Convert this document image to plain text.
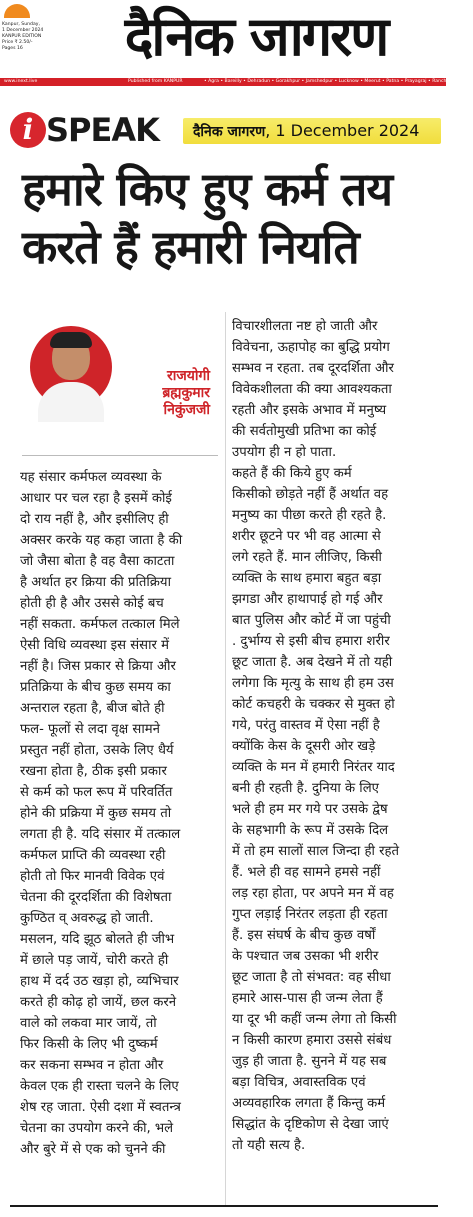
Kanpur, Sunday,
1 December 2024
KANPUR EDITION
Price ₹ 2.50/-
Pages 16	दैनिक जागरण
www.inext.live	Published from KANPUR	• Agra • Bareilly • Dehradun • Gorakhpur • Jamshedpur • Lucknow • Meerut • Patna • Prayagraj • Ranchi • Varanasi
i SPEAK	दैनिक जागरण, 1 December 2024
हमारे किए हुए कर्म तय
करते हैं हमारी नियति
राजयोगी
ब्रह्मकुमार
निकुंजजी
यह संसार कर्मफल व्यवस्था के
आधार पर चल रहा है इसमें कोई
दो राय नहीं है, और इसीलिए ही
अक्सर करके यह कहा जाता है की
जो जैसा बोता है वह वैसा काटता
है अर्थात हर क्रिया की प्रतिक्रिया
होती ही है और उससे कोई बच
नहीं सकता. कर्मफल तत्काल मिले
ऐसी विधि व्यवस्था इस संसार में
नहीं है। जिस प्रकार से क्रिया और
प्रतिक्रिया के बीच कुछ समय का
अन्तराल रहता है, बीज बोते ही
फल- फूलों से लदा वृक्ष सामने
प्रस्तुत नहीं होता, उसके लिए धैर्य
रखना होता है, ठीक इसी प्रकार
से कर्म को फल रूप में परिवर्तित
होने की प्रक्रिया में कुछ समय तो
लगता ही है. यदि संसार में तत्काल
कर्मफल प्राप्ति की व्यवस्था रही
होती तो फिर मानवी विवेक एवं
चेतना की दूरदर्शिता की विशेषता
कुण्ठित व् अवरुद्ध हो जाती.
मसलन, यदि झूठ बोलते ही जीभ
में छाले पड़ जायें, चोरी करते ही
हाथ में दर्द उठ खड़ा हो, व्यभिचार
करते ही कोढ़ हो जायें, छल करने
वाले को लकवा मार जायें, तो
फिर किसी के लिए भी दुष्कर्म
कर सकना सम्भव न होता और
केवल एक ही रास्ता चलने के लिए
शेष रह जाता. ऐसी दशा में स्वतन्त्र
चेतना का उपयोग करने की, भले
और बुरे में से एक को चुनने की
विचारशीलता नष्ट हो जाती और
विवेचना, ऊहापोह का बुद्धि प्रयोग
सम्भव न रहता. तब दूरदर्शिता और
विवेकशीलता की क्या आवश्यकता
रहती और इसके अभाव में मनुष्य
की सर्वतोमुखी प्रतिभा का कोई
उपयोग ही न हो पाता.
कहते हैं की किये हुए कर्म
किसीको छोड़ते नहीं हैं अर्थात वह
मनुष्य का पीछा करते ही रहते है.
शरीर छूटने पर भी वह आत्मा से
लगे रहते हैं. मान लीजिए, किसी
व्यक्ति के साथ हमारा बहुत बड़ा
झगडा और हाथापाई हो गई और
बात पुलिस और कोर्ट में जा पहुंची
. दुर्भाग्य से इसी बीच हमारा शरीर
छूट जाता है. अब देखने में तो यही
लगेगा कि मृत्यु के साथ ही हम उस
कोर्ट कचहरी के चक्कर से मुक्त हो
गये, परंतु वास्तव में ऐसा नहीं है
क्योंकि केस के दूसरी ओर खड़े
व्यक्ति के मन में हमारी निरंतर याद
बनी ही रहती है. दुनिया के लिए
भले ही हम मर गये पर उसके द्वेष
के सहभागी के रूप में उसके दिल
में तो हम सालों साल जिन्दा ही रहते
हैं. भले ही वह सामने हमसे नहीं
लड़ रहा होता, पर अपने मन में वह
गुप्त लड़ाई निरंतर लड़ता ही रहता
हैं. इस संघर्ष के बीच कुछ वर्षों
के पश्चात जब उसका भी शरीर
छूट जाता है तो संभवत: वह सीधा
हमारे आस-पास ही जन्म लेता हैं
या दूर भी कहीं जन्म लेगा तो किसी
न किसी कारण हमारा उससे संबंध
जुड़ ही जाता है. सुनने में यह सब
बड़ा विचित्र, अवास्तविक एवं
अव्यवहारिक लगता हैं किन्तु कर्म
सिद्धांत के दृष्टिकोण से देखा जाएं
तो यही सत्य है.
